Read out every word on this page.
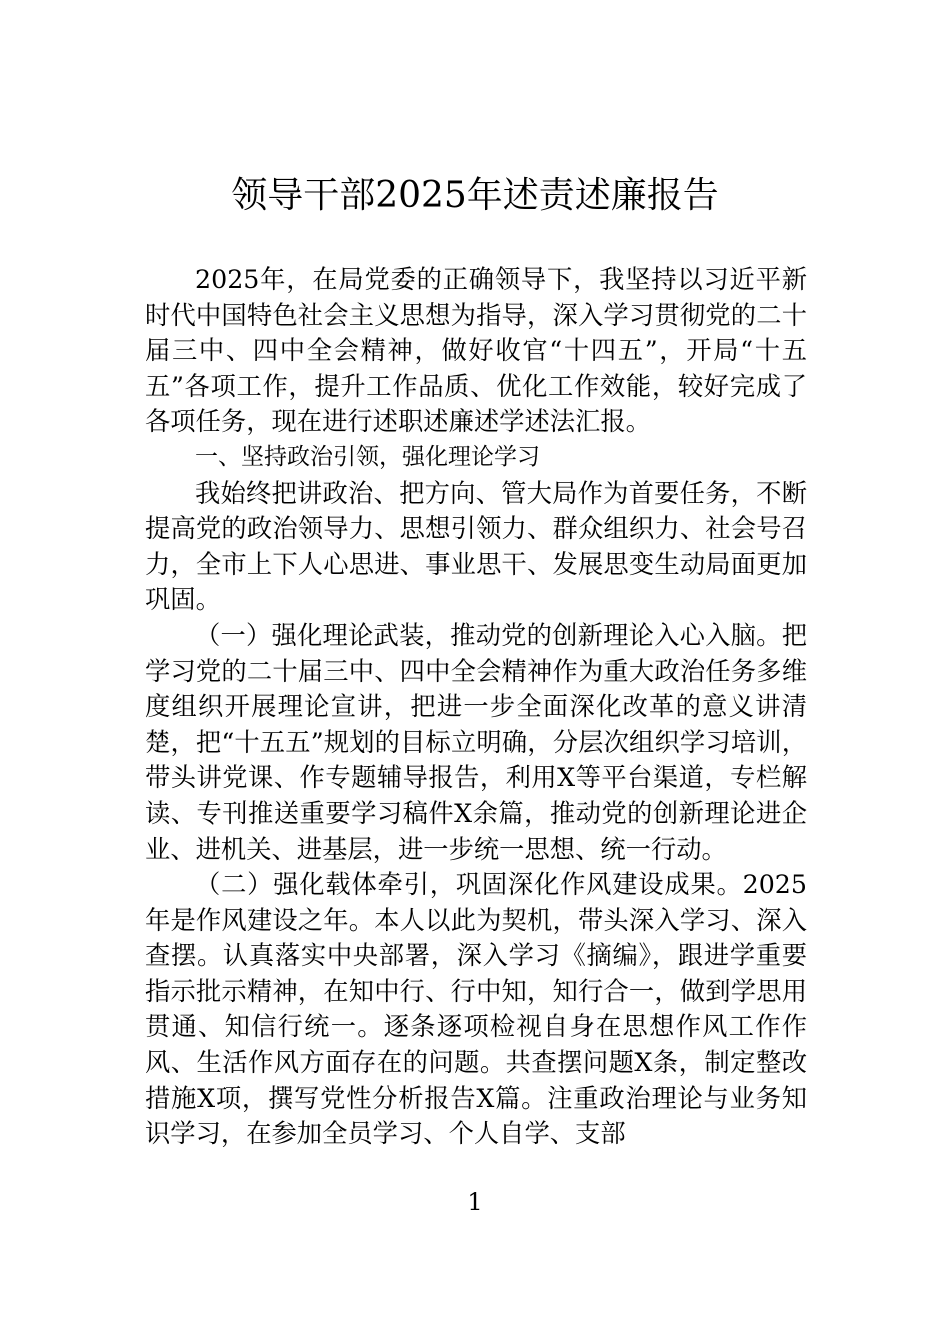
领导干部2025年述责述廉报告

2025年，在局党委的正确领导下，我坚持以习近平新时代中国特色社会主义思想为指导，深入学习贯彻党的二十届三中、四中全会精神，做好收官“十四五”，开局“十五五”各项工作，提升工作品质、优化工作效能，较好完成了各项任务，现在进行述职述廉述学述法汇报。

一、坚持政治引领，强化理论学习

我始终把讲政治、把方向、管大局作为首要任务，不断提高党的政治领导力、思想引领力、群众组织力、社会号召力，全市上下人心思进、事业思干、发展思变生动局面更加巩固。

（一）强化理论武装，推动党的创新理论入心入脑。把学习党的二十届三中、四中全会精神作为重大政治任务多维度组织开展理论宣讲，把进一步全面深化改革的意义讲清楚，把“十五五”规划的目标立明确，分层次组织学习培训，带头讲党课、作专题辅导报告，利用X等平台渠道，专栏解读、专刊推送重要学习稿件X余篇，推动党的创新理论进企业、进机关、进基层，进一步统一思想、统一行动。

（二）强化载体牵引，巩固深化作风建设成果。2025年是作风建设之年。本人以此为契机，带头深入学习、深入查摆。认真落实中央部署，深入学习《摘编》，跟进学重要指示批示精神，在知中行、行中知，知行合一，做到学思用贯通、知信行统一。逐条逐项检视自身在思想作风工作作风、生活作风方面存在的问题。共查摆问题X条，制定整改措施X项，撰写党性分析报告X篇。注重政治理论与业务知识学习，在参加全员学习、个人自学、支部

1
